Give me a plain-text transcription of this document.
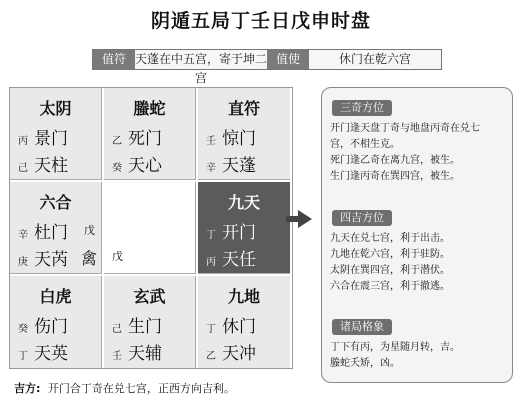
阴遁五局丁壬日戊申时盘
值符 天蓬在中五宫，寄于坤二宫
值使	休门在乾六宫
太阴
丙 景门
己 天柱
螣蛇
乙 死门
癸 天心
直符
壬 惊门
辛 天蓬
六合
辛 杜门
庚 天芮
戊
禽 戊
九天
丁 开门
丙 天任
白虎
癸 伤门
丁 天英
玄武
己 生门
壬 天辅
九地
丁 休门
乙 天冲
三奇方位
开门逢天盘丁奇与地盘丙奇在兑七
宫，不相生克。
死门逢乙奇在离九宫，被生。
生门逢丙奇在巽四宫，被生。
四吉方位
九天在兑七宫，利于出击。
九地在乾六宫，利于驻防。
太阴在巽四宫，利于潜伏。
六合在震三宫，利于撤逃。
诸局格象
丁下有丙，为星随月转，吉。
螣蛇夭矫，凶。
吉方: 开门合丁奇在兑七宫，正西方向吉利。
